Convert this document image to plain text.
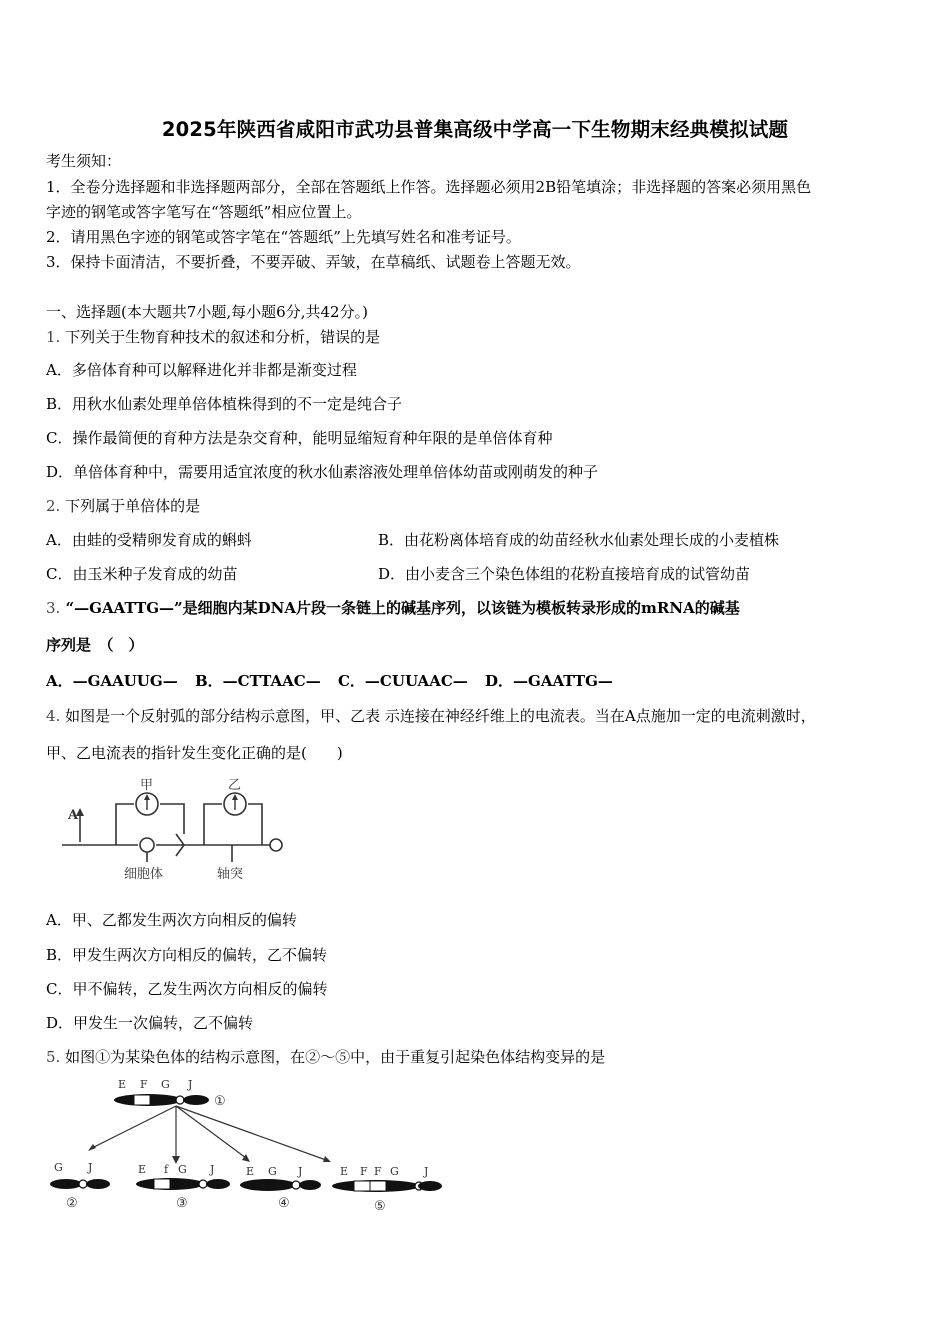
2025年陕西省咸阳市武功县普集高级中学高一下生物期末经典模拟试题
考生须知：
1．全卷分选择题和非选择题两部分，全部在答题纸上作答。选择题必须用2B铅笔填涂；非选择题的答案必须用黑色
字迹的钢笔或答字笔写在“答题纸”相应位置上。
2．请用黑色字迹的钢笔或答字笔在“答题纸”上先填写姓名和准考证号。
3．保持卡面清洁，不要折叠，不要弄破、弄皱，在草稿纸、试题卷上答题无效。
一、选择题(本大题共7小题,每小题6分,共42分。)
1. 下列关于生物育种技术的叙述和分析，错误的是
A．多倍体育种可以解释进化并非都是渐变过程
B．用秋水仙素处理单倍体植株得到的不一定是纯合子
C．操作最简便的育种方法是杂交育种，能明显缩短育种年限的是单倍体育种
D．单倍体育种中，需要用适宜浓度的秋水仙素溶液处理单倍体幼苗或刚萌发的种子
2. 下列属于单倍体的是
A．由蛙的受精卵发育成的蝌蚪	B．由花粉离体培育成的幼苗经秋水仙素处理长成的小麦植株
C．由玉米种子发育成的幼苗	D．由小麦含三个染色体组的花粉直接培育成的试管幼苗
3. “—GAATTG—”是细胞内某DNA片段一条链上的碱基序列，以该链为模板转录形成的mRNA的碱基
序列是　（　）
A．—GAAUUG— B．—CTTAAC— C．—CUUAAC— D．—GAATTG—
4. 如图是一个反射弧的部分结构示意图，甲、乙表 示连接在神经纤维上的电流表。当在A点施加一定的电流刺激时，
甲、乙电流表的指针发生变化正确的是(　　)
A
甲	乙
细胞体	轴突
A．甲、乙都发生两次方向相反的偏转
B．甲发生两次方向相反的偏转，乙不偏转
C．甲不偏转，乙发生两次方向相反的偏转
D．甲发生一次偏转，乙不偏转
5. 如图①为某染色体的结构示意图，在②～⑤中，由于重复引起染色体结构变异的是
E F G J
①
G J
②
E f G J
③
E G J
④
E F F G J
⑤
